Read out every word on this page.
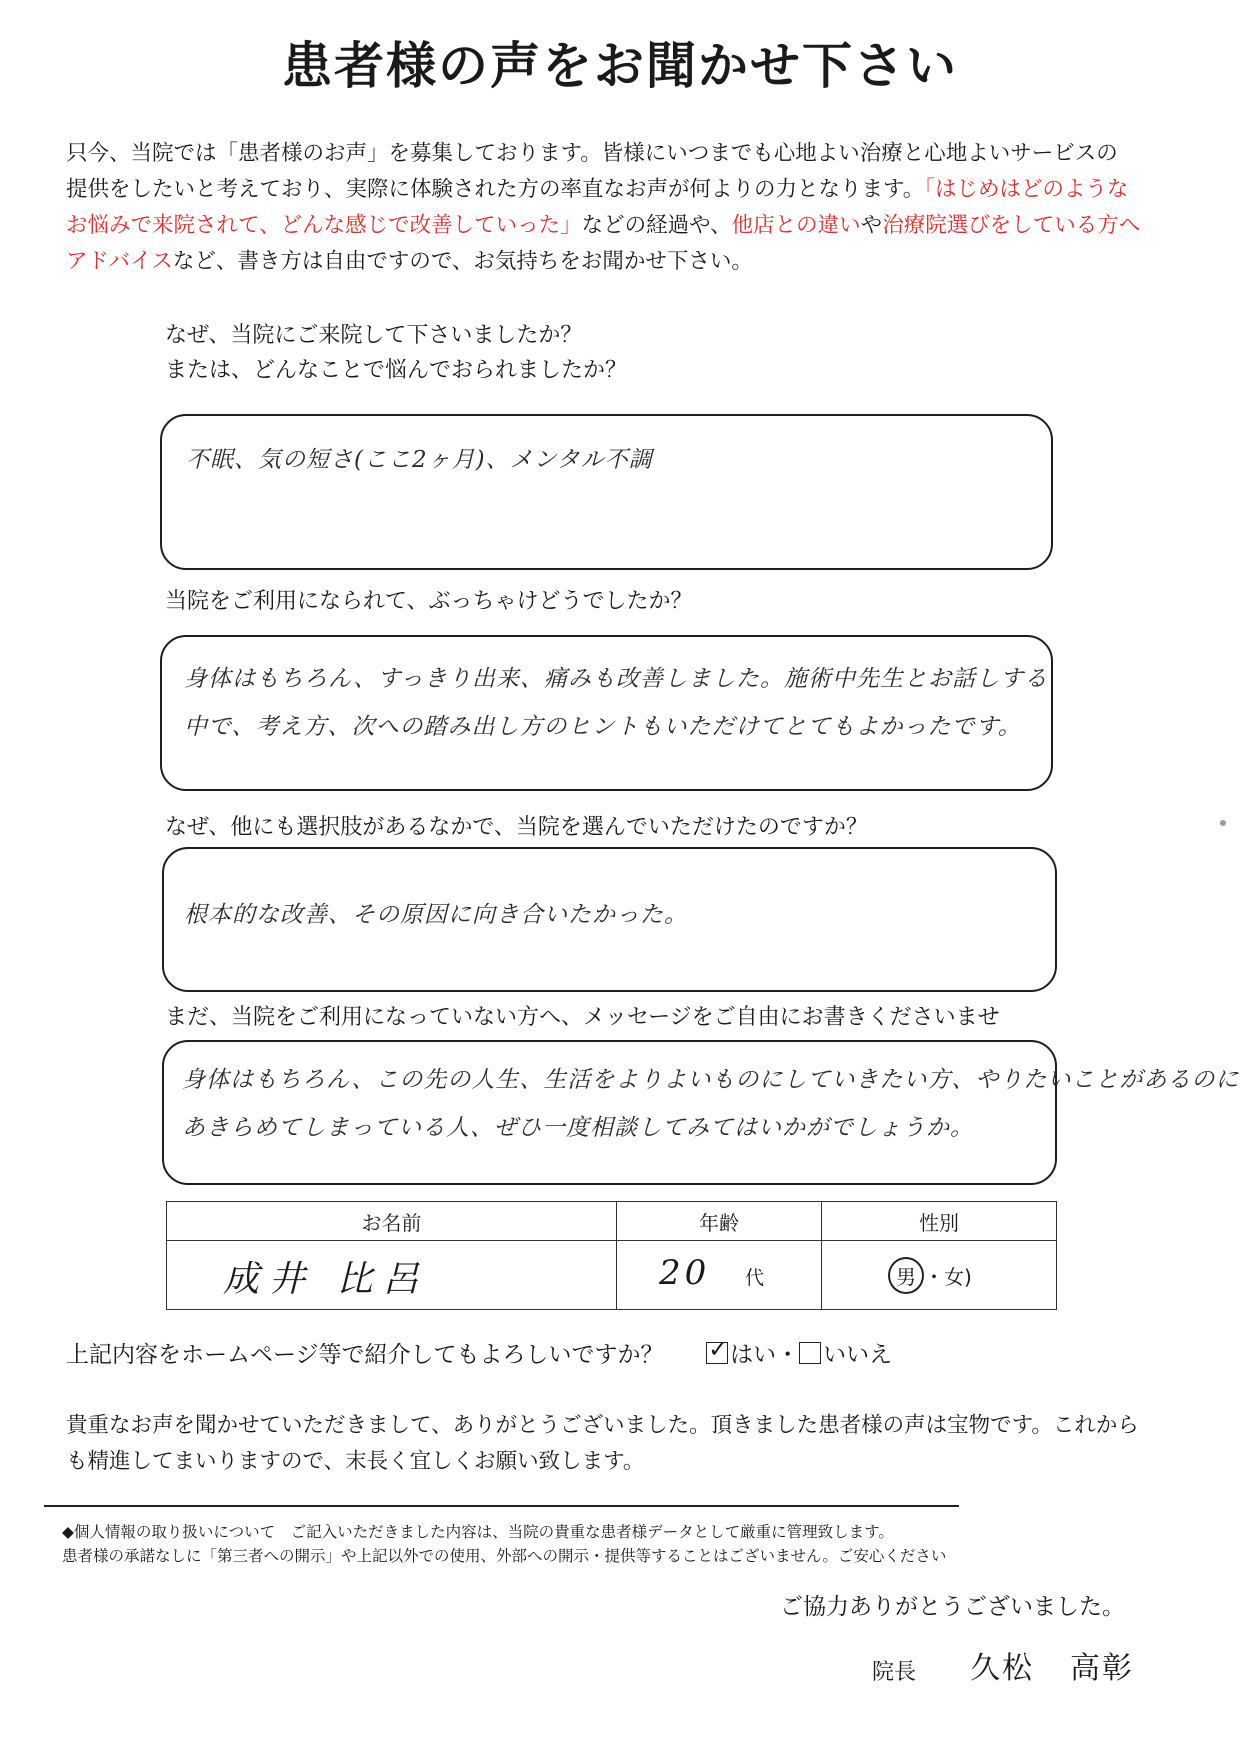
患者様の声をお聞かせ下さい
只今、当院では「患者様のお声」を募集しております。皆様にいつまでも心地よい治療と心地よいサービスの
提供をしたいと考えており、実際に体験された方の率直なお声が何よりの力となります。「はじめはどのような
お悩みで来院されて、どんな感じで改善していった」などの経過や、他店との違いや治療院選びをしている方へ
アドバイスなど、書き方は自由ですので、お気持ちをお聞かせ下さい。
なぜ、当院にご来院して下さいましたか？
または、どんなことで悩んでおられましたか？
不眠、気の短さ(ここ2ヶ月)、メンタル不調
当院をご利用になられて、ぶっちゃけどうでしたか？
身体はもちろん、すっきり出来、痛みも改善しました。施術中先生とお話しする
中で、考え方、次への踏み出し方のヒントもいただけてとてもよかったです。
なぜ、他にも選択肢があるなかで、当院を選んでいただけたのですか？
根本的な改善、その原因に向き合いたかった。
まだ、当院をご利用になっていない方へ、メッセージをご自由にお書きくださいませ
身体はもちろん、この先の人生、生活をよりよいものにしていきたい方、やりたいことがあるのに
あきらめてしまっている人、ぜひ一度相談してみてはいかがでしょうか。
お名前	年齢	性別

成井 比呂	20 代	男 ・女)
上記内容をホームページ等で紹介してもよろしいですか？ ✓	はい・ いいえ
貴重なお声を聞かせていただきまして、ありがとうございました。頂きました患者様の声は宝物です。これから
も精進してまいりますので、末長く宜しくお願い致します。
◆個人情報の取り扱いについて　ご記入いただきました内容は、当院の貴重な患者様データとして厳重に管理致します。
患者様の承諾なしに「第三者への開示」や上記以外での使用、外部への開示・提供等することはございません。ご安心ください
ご協力ありがとうございました。
院長 久松 高彰
